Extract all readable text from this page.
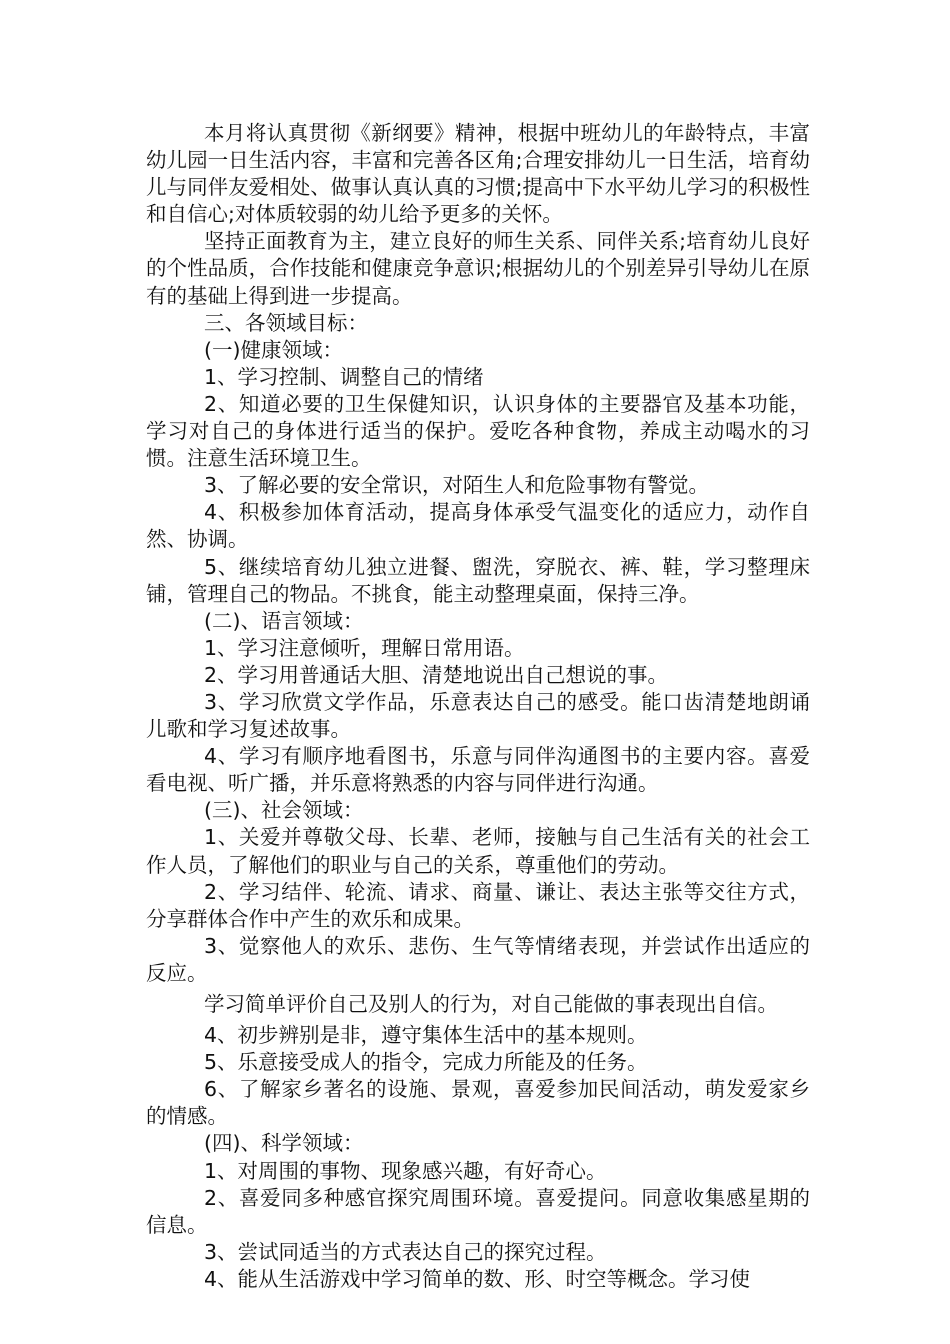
本月将认真贯彻《新纲要》精神，根据中班幼儿的年龄特点，丰富幼儿园一日生活内容，丰富和完善各区角;合理安排幼儿一日生活，培育幼儿与同伴友爱相处、做事认真认真的习惯;提高中下水平幼儿学习的积极性和自信心;对体质较弱的幼儿给予更多的关怀。

坚持正面教育为主，建立良好的师生关系、同伴关系;培育幼儿良好的个性品质，合作技能和健康竞争意识;根据幼儿的个别差异引导幼儿在原有的基础上得到进一步提高。

三、各领域目标：

(一)健康领域：

1、学习控制、调整自己的情绪

2、知道必要的卫生保健知识，认识身体的主要器官及基本功能，学习对自己的身体进行适当的保护。爱吃各种食物，养成主动喝水的习惯。注意生活环境卫生。

3、了解必要的安全常识，对陌生人和危险事物有警觉。

4、积极参加体育活动，提高身体承受气温变化的适应力，动作自然、协调。

5、继续培育幼儿独立进餐、盥洗，穿脱衣、裤、鞋，学习整理床铺，管理自己的物品。不挑食，能主动整理桌面，保持三净。

(二)、语言领域：

1、学习注意倾听，理解日常用语。

2、学习用普通话大胆、清楚地说出自己想说的事。

3、学习欣赏文学作品，乐意表达自己的感受。能口齿清楚地朗诵儿歌和学习复述故事。

4、学习有顺序地看图书，乐意与同伴沟通图书的主要内容。喜爱看电视、听广播，并乐意将熟悉的内容与同伴进行沟通。

(三)、社会领域：

1、关爱并尊敬父母、长辈、老师，接触与自己生活有关的社会工作人员，了解他们的职业与自己的关系，尊重他们的劳动。

2、学习结伴、轮流、请求、商量、谦让、表达主张等交往方式，分享群体合作中产生的欢乐和成果。

3、觉察他人的欢乐、悲伤、生气等情绪表现，并尝试作出适应的反应。

学习简单评价自己及别人的行为，对自己能做的事表现出自信。

4、初步辨别是非，遵守集体生活中的基本规则。

5、乐意接受成人的指令，完成力所能及的任务。

6、了解家乡著名的设施、景观，喜爱参加民间活动，萌发爱家乡的情感。

(四)、科学领域：

1、对周围的事物、现象感兴趣，有好奇心。

2、喜爱同多种感官探究周围环境。喜爱提问。同意收集感星期的信息。

3、尝试同适当的方式表达自己的探究过程。

4、能从生活游戏中学习简单的数、形、时空等概念。学习使
